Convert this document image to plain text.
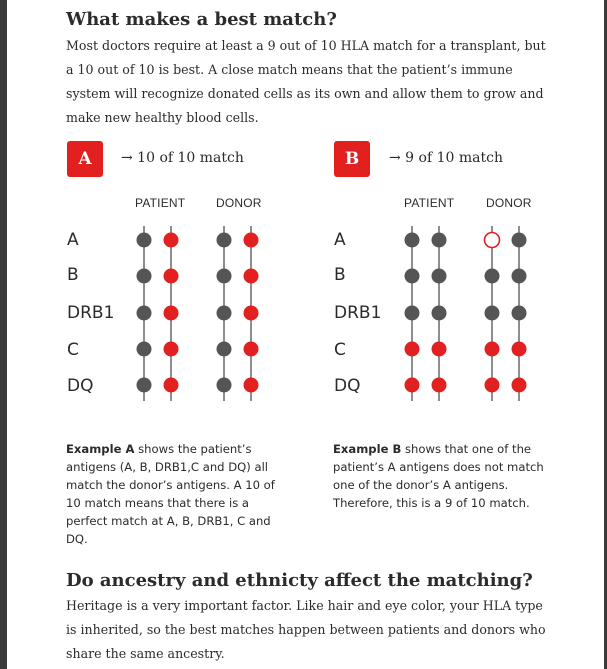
What makes a best match?

Most doctors require at least a 9 out of 10 HLA match for a transplant, but a 10 out of 10 is best. A close match means that the patient’s immune system will recognize donated cells as its own and allow them to grow and make new healthy blood cells.

A	→ 10 of 10 match
PATIENT	DONOR
B	→ 9 of 10 match
PATIENT	DONOR
A
B
DRB1
C
DQ
A
B
DRB1
C
DQ

Example A shows the patient’s antigens (A, B, DRB1,C and DQ) all match the donor’s antigens. A 10 of 10 match means that there is a perfect match at A, B, DRB1, C and DQ.

Example B shows that one of the patient’s A antigens does not match one of the donor’s A antigens. Therefore, this is a 9 of 10 match.

Do ancestry and ethnicty affect the matching?

Heritage is a very important factor. Like hair and eye color, your HLA type is inherited, so the best matches happen between patients and donors who share the same ancestry.
